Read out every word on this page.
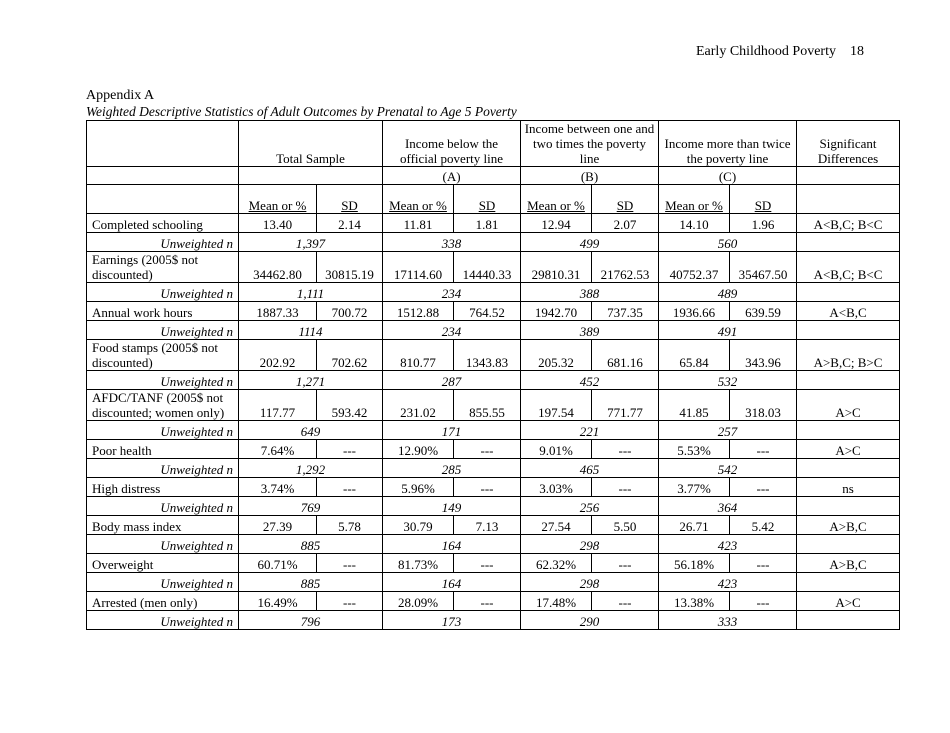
Early Childhood Poverty 18
Appendix A
Weighted Descriptive Statistics of Adult Outcomes by Prenatal to Age 5 Poverty
	Total Sample		Income below the official poverty line		Income between one and two times the poverty line		Income more than twice the poverty line		Significant Differences
			(A)		(B)		(C)		
	Mean or %	SD	Mean or %	SD	Mean or %	SD	Mean or %	SD	
Completed schooling	13.40	2.14	11.81	1.81	12.94	2.07	14.10	1.96	A<B,C; B<C
Unweighted n	1,397		338		499		560		
Earnings (2005$ not discounted)	34462.80	30815.19	17114.60	14440.33	29810.31	21762.53	40752.37	35467.50	A<B,C; B<C
Unweighted n	1,111		234		388		489		
Annual work hours	1887.33	700.72	1512.88	764.52	1942.70	737.35	1936.66	639.59	A<B,C
Unweighted n	1114		234		389		491		
Food stamps (2005$ not discounted)	202.92	702.62	810.77	1343.83	205.32	681.16	65.84	343.96	A>B,C; B>C
Unweighted n	1,271		287		452		532		
AFDC/TANF (2005$ not discounted; women only)	117.77	593.42	231.02	855.55	197.54	771.77	41.85	318.03	A>C
Unweighted n	649		171		221		257		
Poor health	7.64%	---	12.90%	---	9.01%	---	5.53%	---	A>C
Unweighted n	1,292		285		465		542		
High distress	3.74%	---	5.96%	---	3.03%	---	3.77%	---	ns
Unweighted n	769		149		256		364		
Body mass index	27.39	5.78	30.79	7.13	27.54	5.50	26.71	5.42	A>B,C
Unweighted n	885		164		298		423		
Overweight	60.71%	---	81.73%	---	62.32%	---	56.18%	---	A>B,C
Unweighted n	885		164		298		423		
Arrested (men only)	16.49%	---	28.09%	---	17.48%	---	13.38%	---	A>C
Unweighted n	796		173		290		333		
